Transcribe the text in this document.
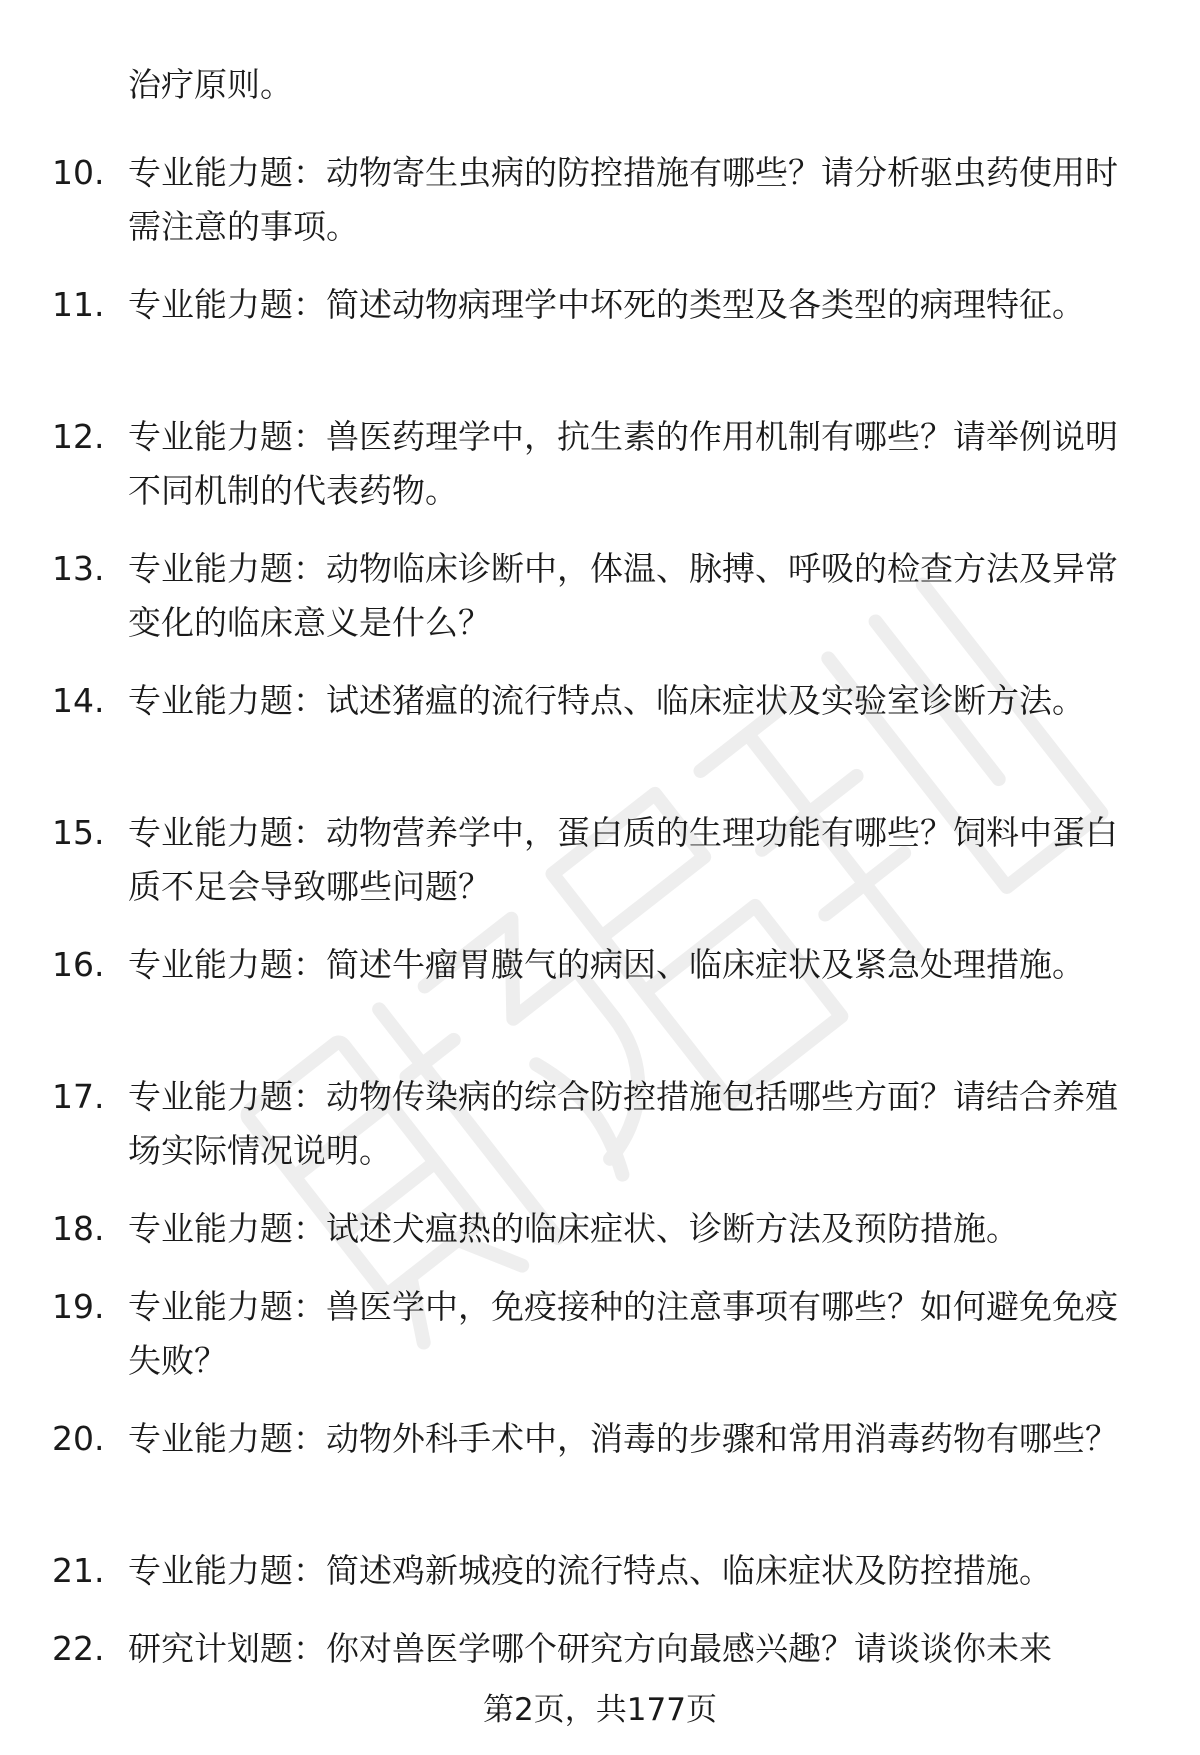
治疗原则。
10. 专业能力题：动物寄生虫病的防控措施有哪些？请分析驱虫药使用时需注意的事项。
11. 专业能力题：简述动物病理学中坏死的类型及各类型的病理特征。
12. 专业能力题：兽医药理学中，抗生素的作用机制有哪些？请举例说明不同机制的代表药物。
13. 专业能力题：动物临床诊断中，体温、脉搏、呼吸的检查方法及异常变化的临床意义是什么？
14. 专业能力题：试述猪瘟的流行特点、临床症状及实验室诊断方法。
15. 专业能力题：动物营养学中，蛋白质的生理功能有哪些？饲料中蛋白质不足会导致哪些问题？
16. 专业能力题：简述牛瘤胃臌气的病因、临床症状及紧急处理措施。
17. 专业能力题：动物传染病的综合防控措施包括哪些方面？请结合养殖场实际情况说明。
18. 专业能力题：试述犬瘟热的临床症状、诊断方法及预防措施。
19. 专业能力题：兽医学中，免疫接种的注意事项有哪些？如何避免免疫失败？
20. 专业能力题：动物外科手术中，消毒的步骤和常用消毒药物有哪些？
21. 专业能力题：简述鸡新城疫的流行特点、临床症状及防控措施。
22. 研究计划题：你对兽医学哪个研究方向最感兴趣？请谈谈你未来
第2页，共177页
